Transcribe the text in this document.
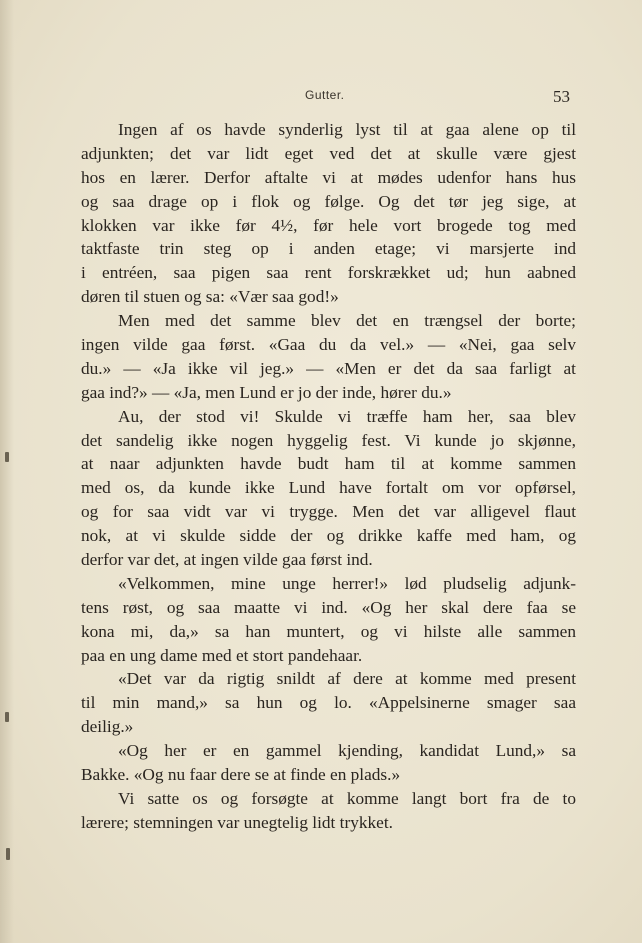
Gutter.	53
Ingen af os havde synderlig lyst til at gaa alene op til
adjunkten; det var lidt eget ved det at skulle være gjest
hos en lærer. Derfor aftalte vi at mødes udenfor hans hus
og saa drage op i flok og følge. Og det tør jeg sige, at
klokken var ikke før 4½, før hele vort brogede tog med
taktfaste trin steg op i anden etage; vi marsjerte ind
i entréen, saa pigen saa rent forskrækket ud; hun aabned
døren til stuen og sa: «Vær saa god!»
Men med det samme blev det en trængsel der borte;
ingen vilde gaa først. «Gaa du da vel.» — «Nei, gaa selv
du.» — «Ja ikke vil jeg.» — «Men er det da saa farligt at
gaa ind?» — «Ja, men Lund er jo der inde, hører du.»
Au, der stod vi! Skulde vi træffe ham her, saa blev
det sandelig ikke nogen hyggelig fest. Vi kunde jo skjønne,
at naar adjunkten havde budt ham til at komme sammen
med os, da kunde ikke Lund have fortalt om vor opførsel,
og for saa vidt var vi trygge. Men det var alligevel flaut
nok, at vi skulde sidde der og drikke kaffe med ham, og
derfor var det, at ingen vilde gaa først ind.
«Velkommen, mine unge herrer!» lød pludselig adjunk-
tens røst, og saa maatte vi ind. «Og her skal dere faa se
kona mi, da,» sa han muntert, og vi hilste alle sammen
paa en ung dame med et stort pandehaar.
«Det var da rigtig snildt af dere at komme med present
til min mand,» sa hun og lo. «Appelsinerne smager saa
deilig.»
«Og her er en gammel kjending, kandidat Lund,» sa
Bakke. «Og nu faar dere se at finde en plads.»
Vi satte os og forsøgte at komme langt bort fra de to
lærere; stemningen var unegtelig lidt trykket.
